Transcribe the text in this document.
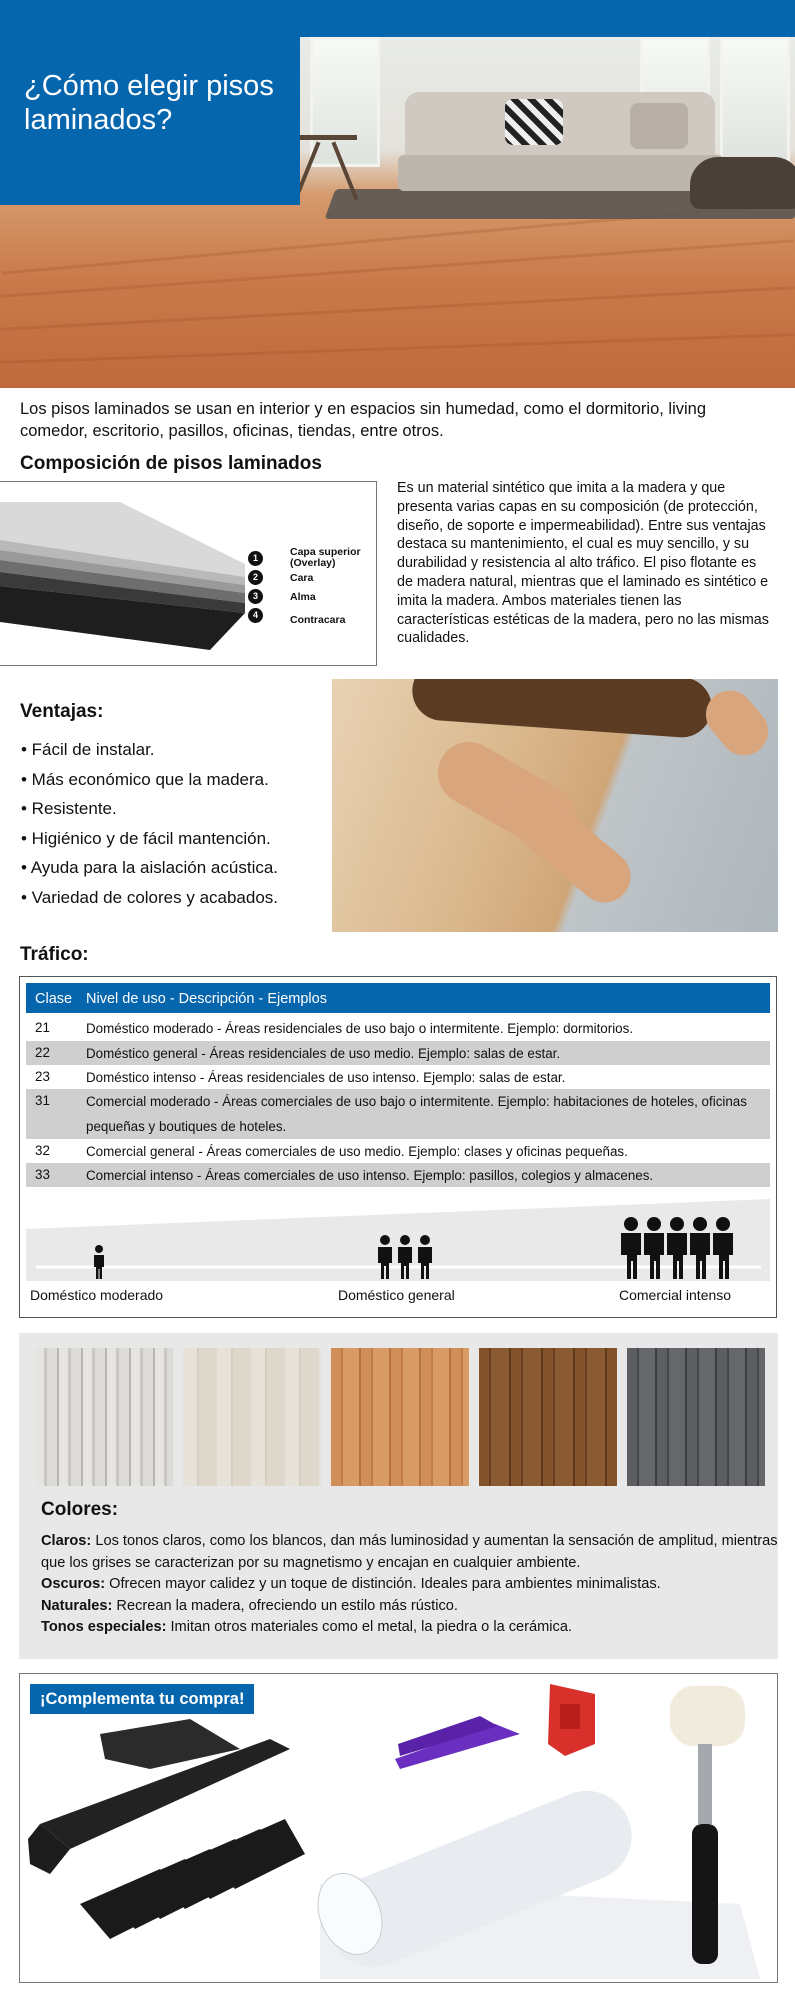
¿Cómo elegir pisos laminados?

Los pisos laminados se usan en interior y en espacios sin humedad, como el dormitorio, living comedor, escritorio, pasillos, oficinas, tiendas, entre otros.

Composición de pisos laminados
1	Capa superior (Overlay)
2	Cara
3	Alma
4	Contracara

Es un material sintético que imita a la madera y que presenta varias capas en su composición (de protección, diseño, de soporte e impermeabilidad). Entre sus ventajas destaca su mantenimiento, el cual es muy sencillo, y su durabilidad y resistencia al alto tráfico. El piso flotante es de madera natural, mientras que el laminado es sintético e imita la madera. Ambos materiales tienen las características estéticas de la madera, pero no las mismas cualidades.

Ventajas:
• Fácil de instalar.
• Más económico que la madera.
• Resistente.
• Higiénico y de fácil mantención.
• Ayuda para la aislación acústica.
• Variedad de colores y acabados.
Tráfico:
Clase Nivel de uso - Descripción - Ejemplos
21	Doméstico moderado - Áreas residenciales de uso bajo o intermitente. Ejemplo: dormitorios.
22	Doméstico general - Áreas residenciales de uso medio. Ejemplo: salas de estar.
23	Doméstico intenso - Áreas residenciales de uso intenso. Ejemplo: salas de estar.
31	Comercial moderado - Áreas comerciales de uso bajo o intermitente. Ejemplo: habitaciones de hoteles, oficinas pequeñas y boutiques de hoteles.
32	Comercial general - Áreas comerciales de uso medio. Ejemplo: clases y oficinas pequeñas.
33	Comercial intenso - Áreas comerciales de uso intenso. Ejemplo: pasillos, colegios y almacenes.
Doméstico moderado	Doméstico general	Comercial intenso
Colores:
Claros: Los tonos claros, como los blancos, dan más luminosidad y aumentan la sensación de amplitud, mientras que los grises se caracterizan por su magnetismo y encajan en cualquier ambiente.
Oscuros: Ofrecen mayor calidez y un toque de distinción. Ideales para ambientes minimalistas.
Naturales: Recrean la madera, ofreciendo un estilo más rústico.
Tonos especiales: Imitan otros materiales como el metal, la piedra o la cerámica.
¡Complementa tu compra!
